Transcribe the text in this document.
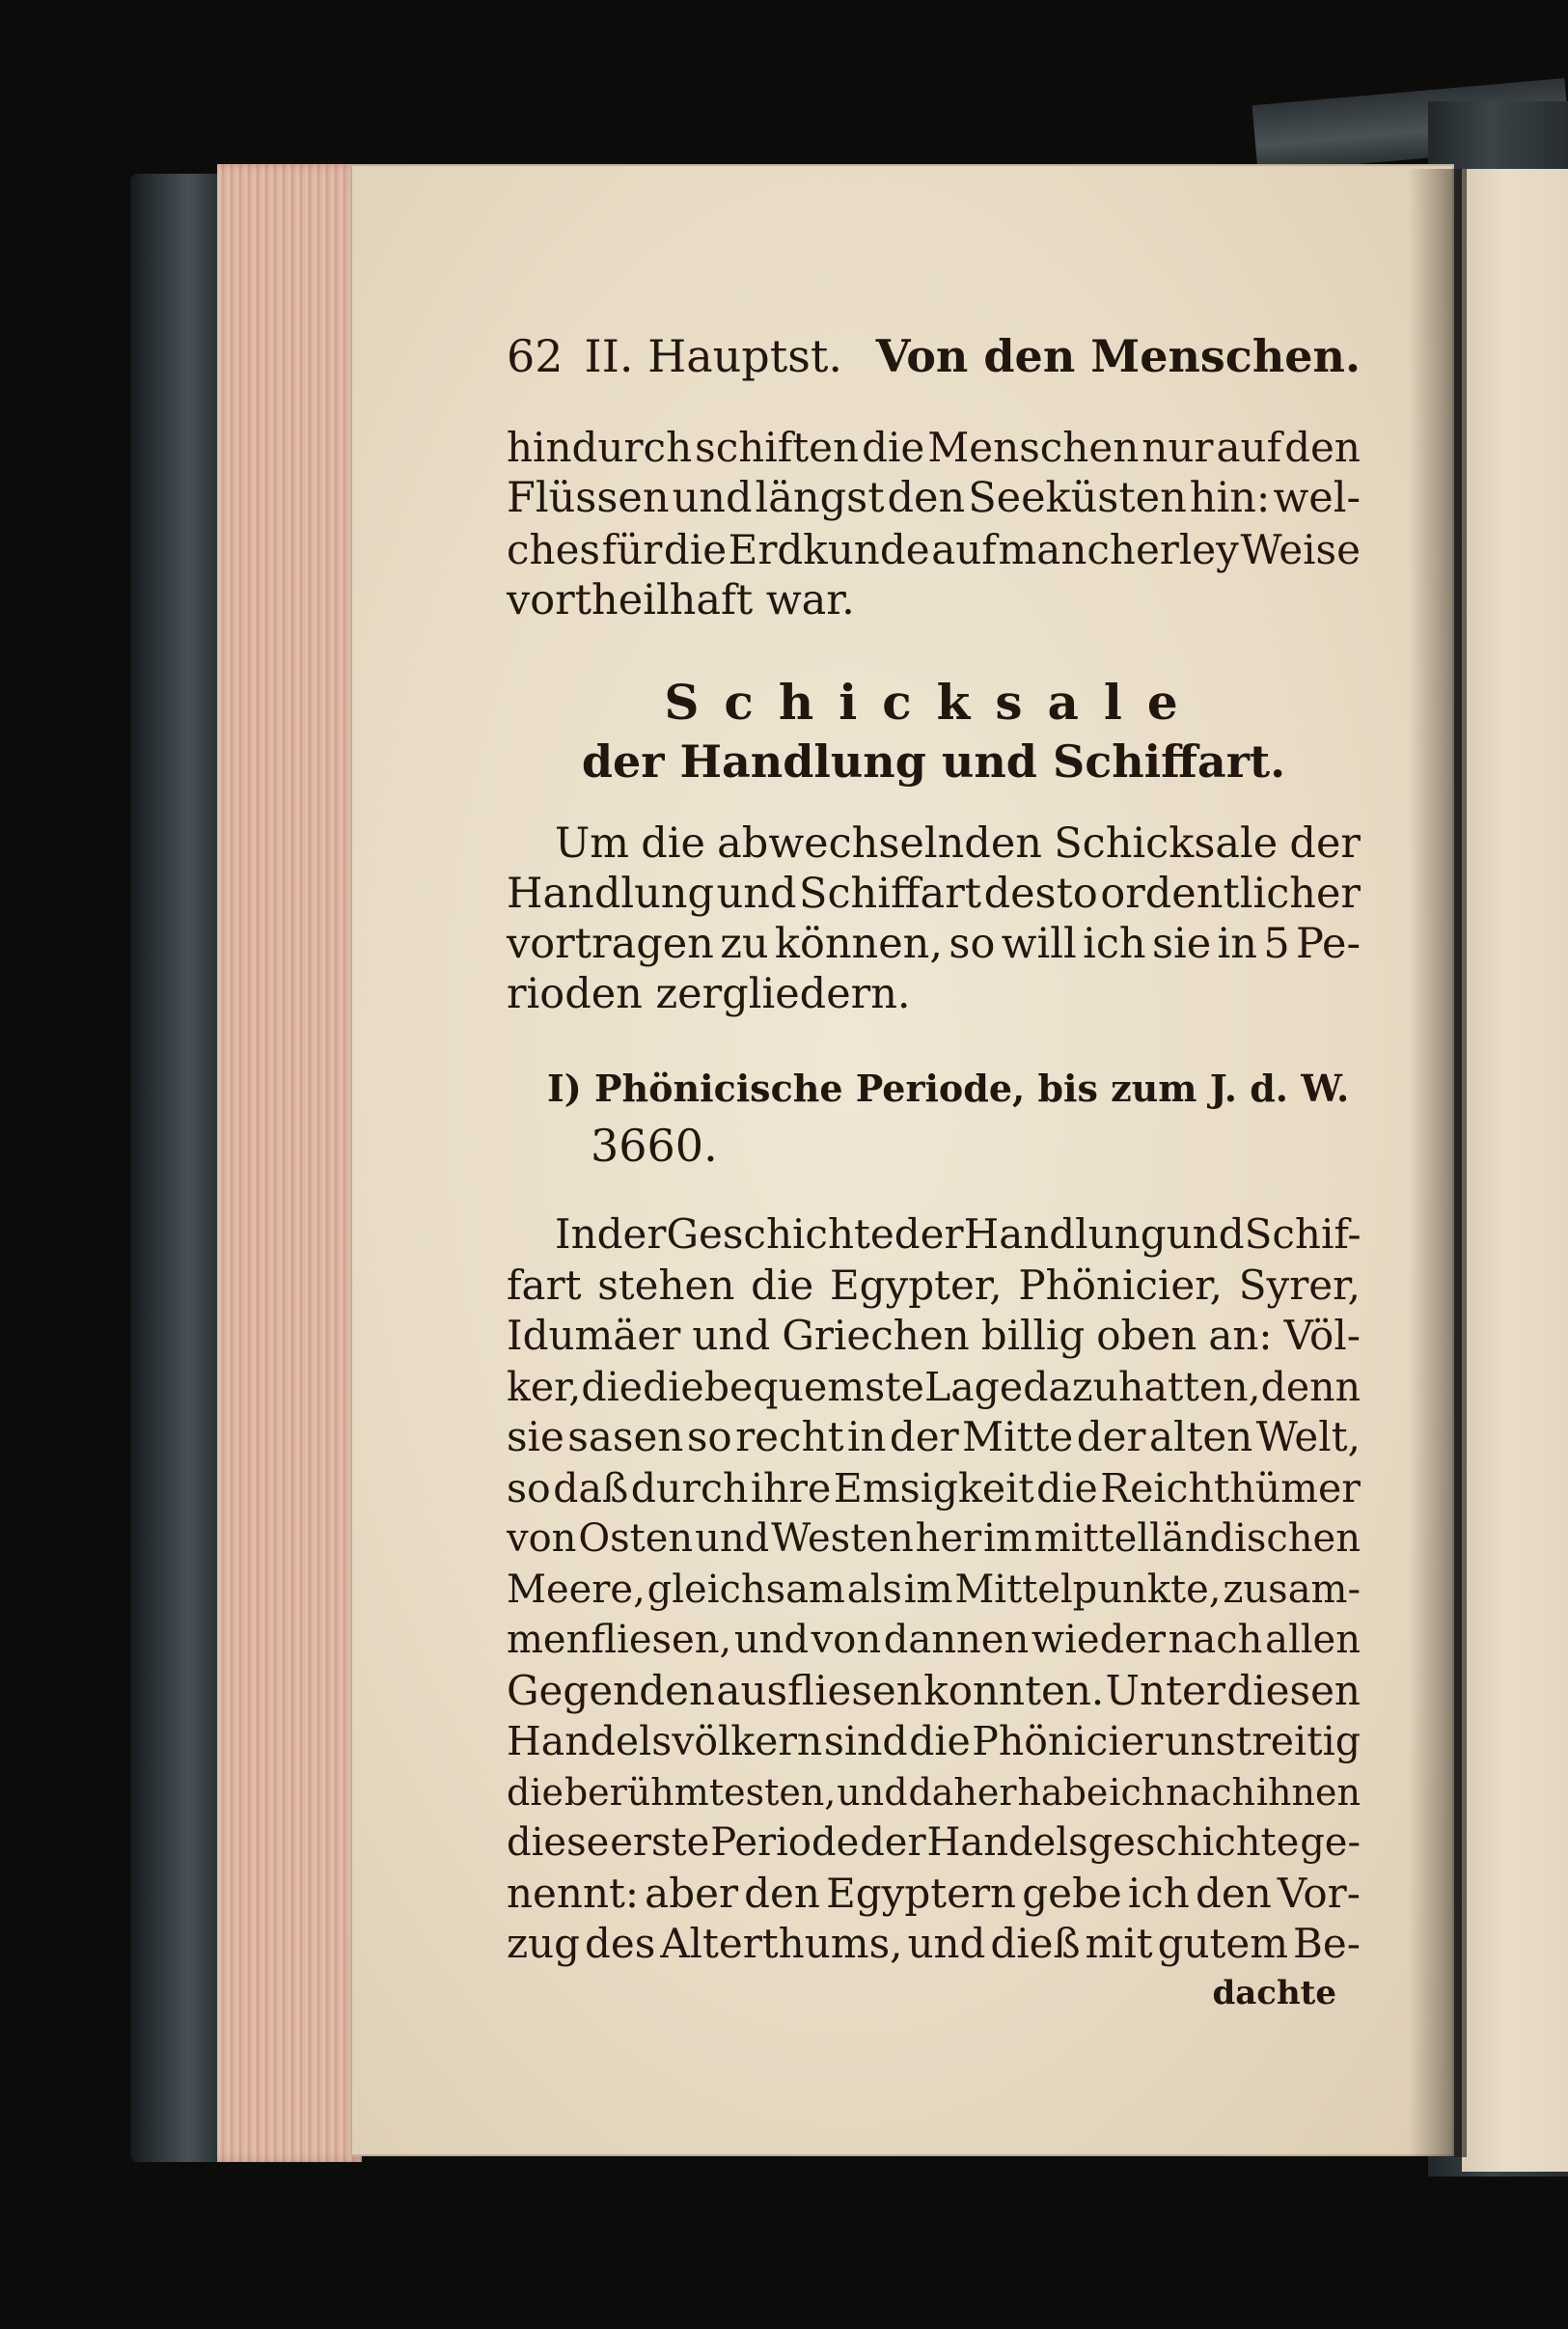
62 II. Hauptst. Von den Menschen.
hindurch schiften die Menschen nur auf den
Flüssen und längst den Seeküsten hin: wel-
ches für die Erdkunde auf mancherley Weise
vortheilhaft war.
Schicksale
der Handlung und Schiffart.
Um die abwechselnden Schicksale der
Handlung und Schiffart desto ordentlicher
vortragen zu können, so will ich sie in 5 Pe-
rioden zergliedern.
I) Phönicische Periode, bis zum J. d. W.
3660.
In der Geschichte der Handlung und Schif-
fart stehen die Egypter, Phönicier, Syrer,
Idumäer und Griechen billig oben an: Völ-
ker, die die bequemste Lage dazu hatten, denn
sie sasen so recht in der Mitte der alten Welt,
so daß durch ihre Emsigkeit die Reichthümer
von Osten und Westen her im mittelländischen
Meere, gleichsam als im Mittelpunkte, zusam-
menfliesen, und von dannen wieder nach allen
Gegenden ausfliesen konnten. Unter diesen
Handelsvölkern sind die Phönicier unstreitig
die berühmtesten, und daher habe ich nach ihnen
diese erste Periode der Handelsgeschichte ge-
nennt: aber den Egyptern gebe ich den Vor-
zug des Alterthums, und dieß mit gutem Be-
dachte
